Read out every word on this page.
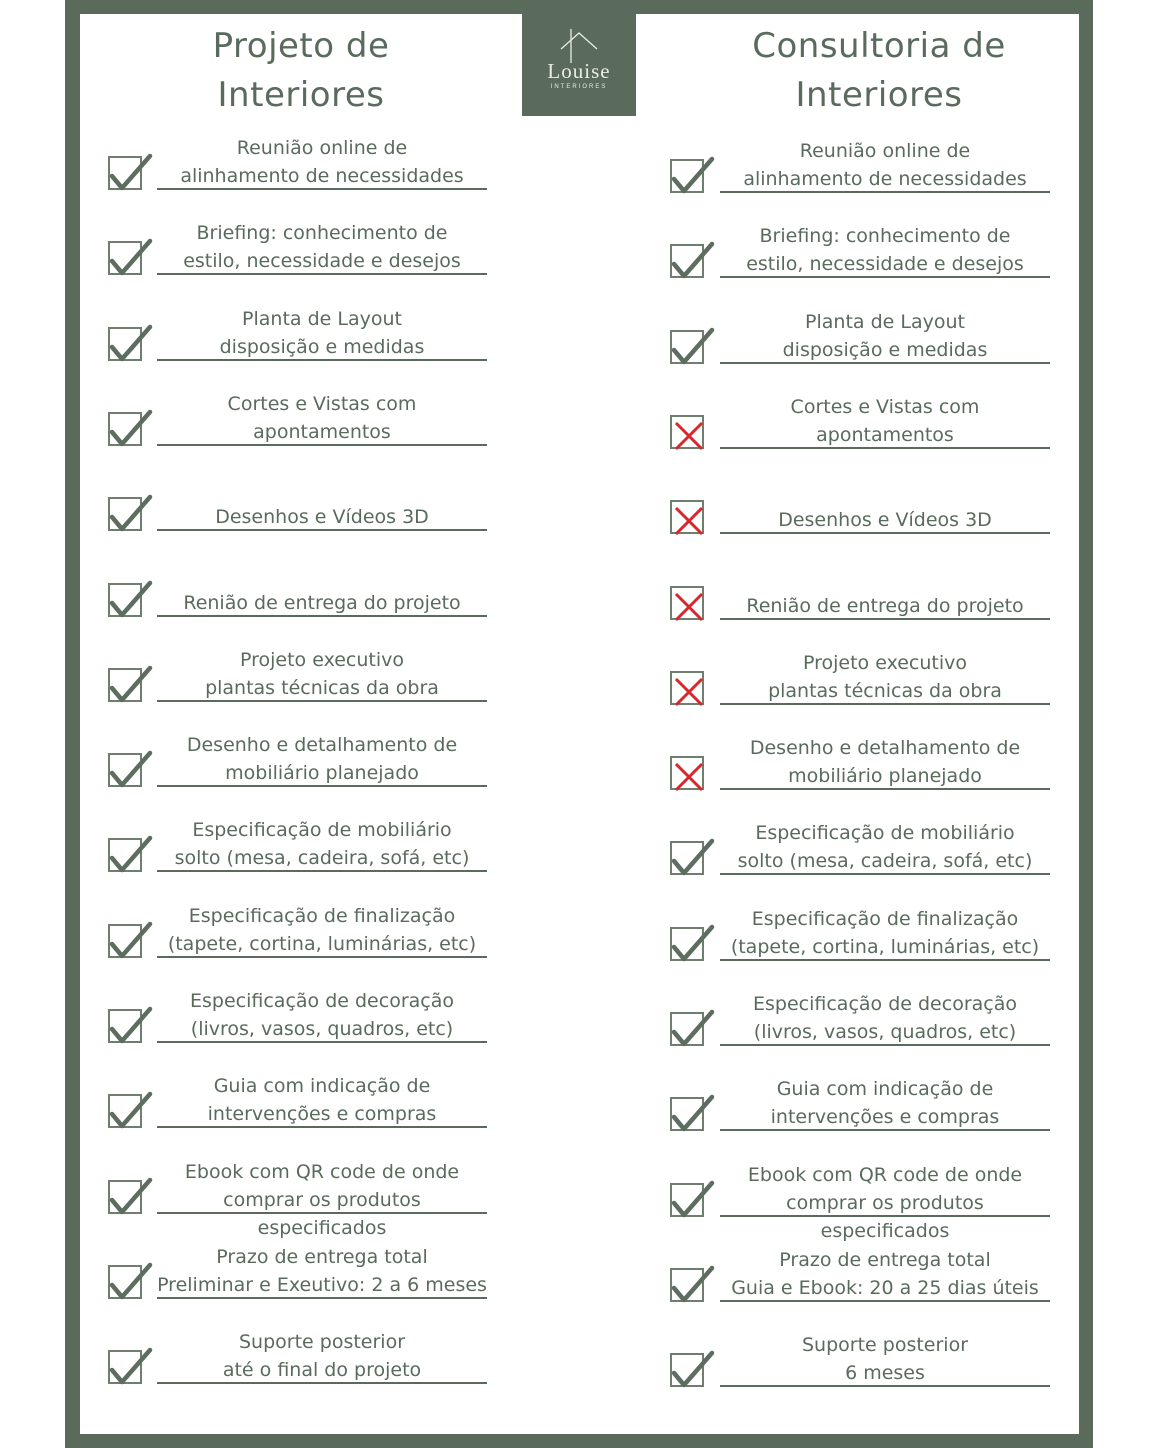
Louise
INTERIORES
Projeto de
Interiores
Consultoria de
Interiores
Reunião online de
alinhamento de necessidades
Briefing: conhecimento de
estilo, necessidade e desejos
Planta de Layout
disposição e medidas
Cortes e Vistas com
apontamentos
Desenhos e Vídeos 3D
Renião de entrega do projeto
Projeto executivo
plantas técnicas da obra
Desenho e detalhamento de
mobiliário planejado
Especificação de mobiliário
solto (mesa, cadeira, sofá, etc)
Especificação de finalização
(tapete, cortina, luminárias, etc)
Especificação de decoração
(livros, vasos, quadros, etc)
Guia com indicação de
intervenções e compras
Ebook com QR code de onde
comprar os produtos especificados
Prazo de entrega total
Preliminar e Exeutivo: 2 a 6 meses
Suporte posterior
até o final do projeto
Reunião online de
alinhamento de necessidades
Briefing: conhecimento de
estilo, necessidade e desejos
Planta de Layout
disposição e medidas
Cortes e Vistas com
apontamentos
Desenhos e Vídeos 3D
Renião de entrega do projeto
Projeto executivo
plantas técnicas da obra
Desenho e detalhamento de
mobiliário planejado
Especificação de mobiliário
solto (mesa, cadeira, sofá, etc)
Especificação de finalização
(tapete, cortina, luminárias, etc)
Especificação de decoração
(livros, vasos, quadros, etc)
Guia com indicação de
intervenções e compras
Ebook com QR code de onde
comprar os produtos especificados
Prazo de entrega total
Guia e Ebook: 20 a 25 dias úteis
Suporte posterior
6 meses
